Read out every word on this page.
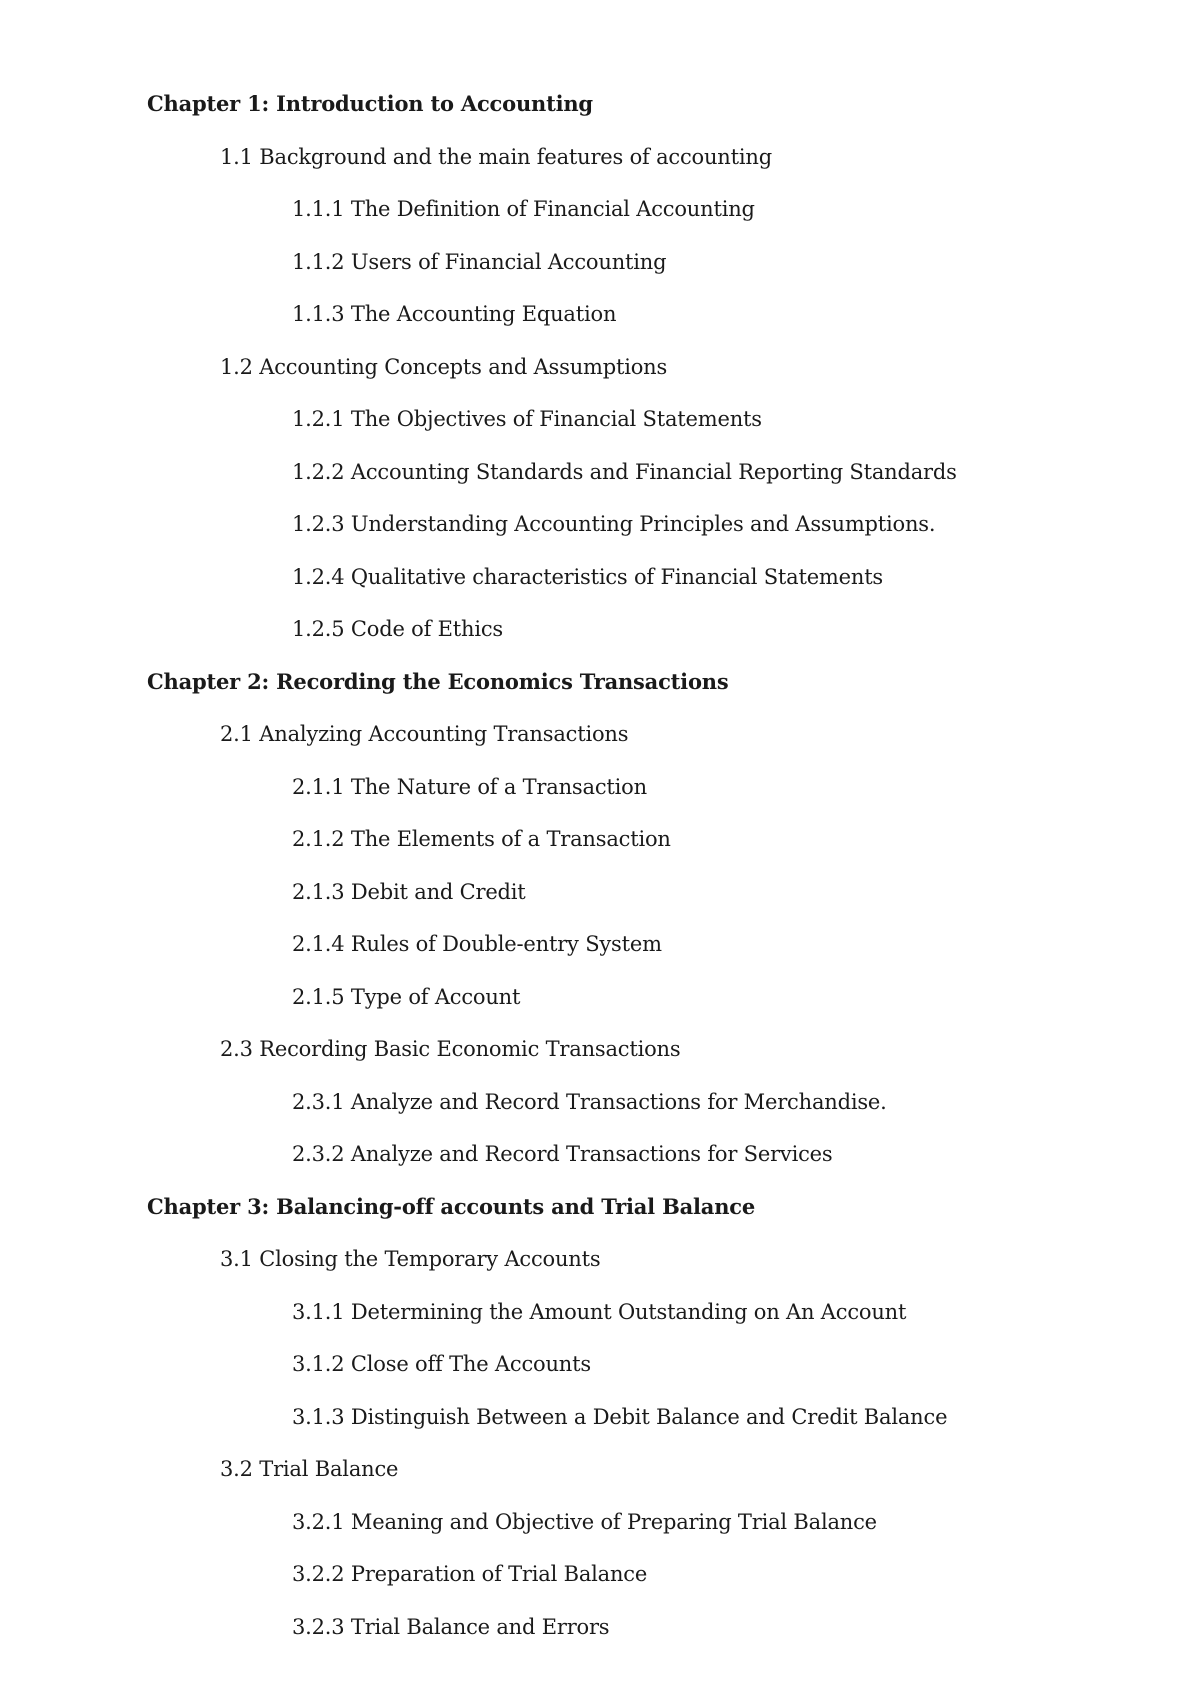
Chapter 1: Introduction to Accounting
1.1 Background and the main features of accounting
1.1.1 The Definition of Financial Accounting
1.1.2 Users of Financial Accounting
1.1.3 The Accounting Equation
1.2 Accounting Concepts and Assumptions
1.2.1 The Objectives of Financial Statements
1.2.2 Accounting Standards and Financial Reporting Standards
1.2.3 Understanding Accounting Principles and Assumptions.
1.2.4 Qualitative characteristics of Financial Statements
1.2.5 Code of Ethics
Chapter 2: Recording the Economics Transactions
2.1 Analyzing Accounting Transactions
2.1.1 The Nature of a Transaction
2.1.2 The Elements of a Transaction
2.1.3 Debit and Credit
2.1.4 Rules of Double-entry System
2.1.5 Type of Account
2.3 Recording Basic Economic Transactions
2.3.1 Analyze and Record Transactions for Merchandise.
2.3.2 Analyze and Record Transactions for Services
Chapter 3: Balancing-off accounts and Trial Balance
3.1 Closing the Temporary Accounts
3.1.1 Determining the Amount Outstanding on An Account
3.1.2 Close off The Accounts
3.1.3 Distinguish Between a Debit Balance and Credit Balance
3.2 Trial Balance
3.2.1 Meaning and Objective of Preparing Trial Balance
3.2.2 Preparation of Trial Balance
3.2.3 Trial Balance and Errors
